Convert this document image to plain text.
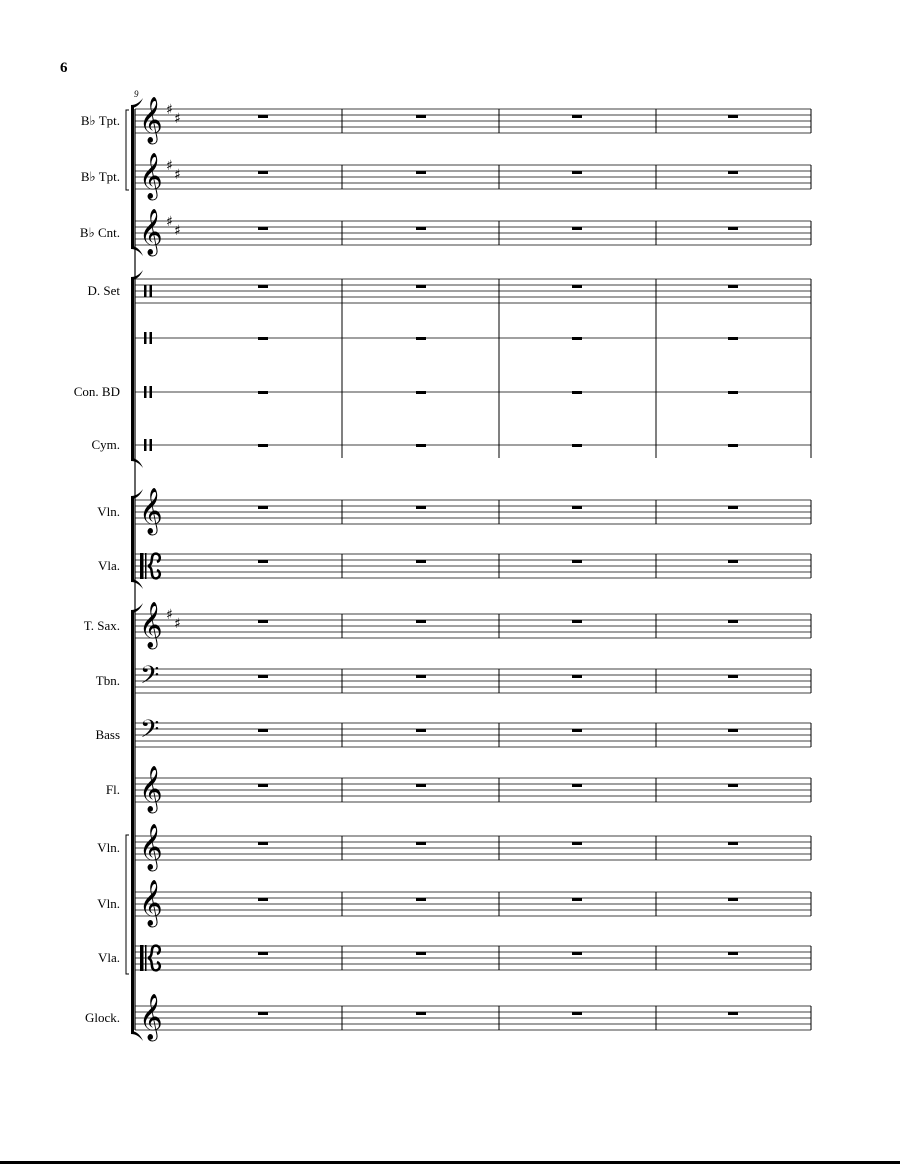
6
9
B♭ Tpt. 𝄞 ♯
♯
B♭ Tpt. 𝄞 ♯
♯
B♭ Cnt. 𝄞 ♯
♯
D. Set
Con. BD
Cym.
Vln. 𝄞
Vla.
T. Sax. 𝄞 ♯
♯
Tbn. 𝄢
Bass 𝄢
Fl. 𝄞
Vln. 𝄞
Vln. 𝄞
Vla.
Glock. 𝄞
